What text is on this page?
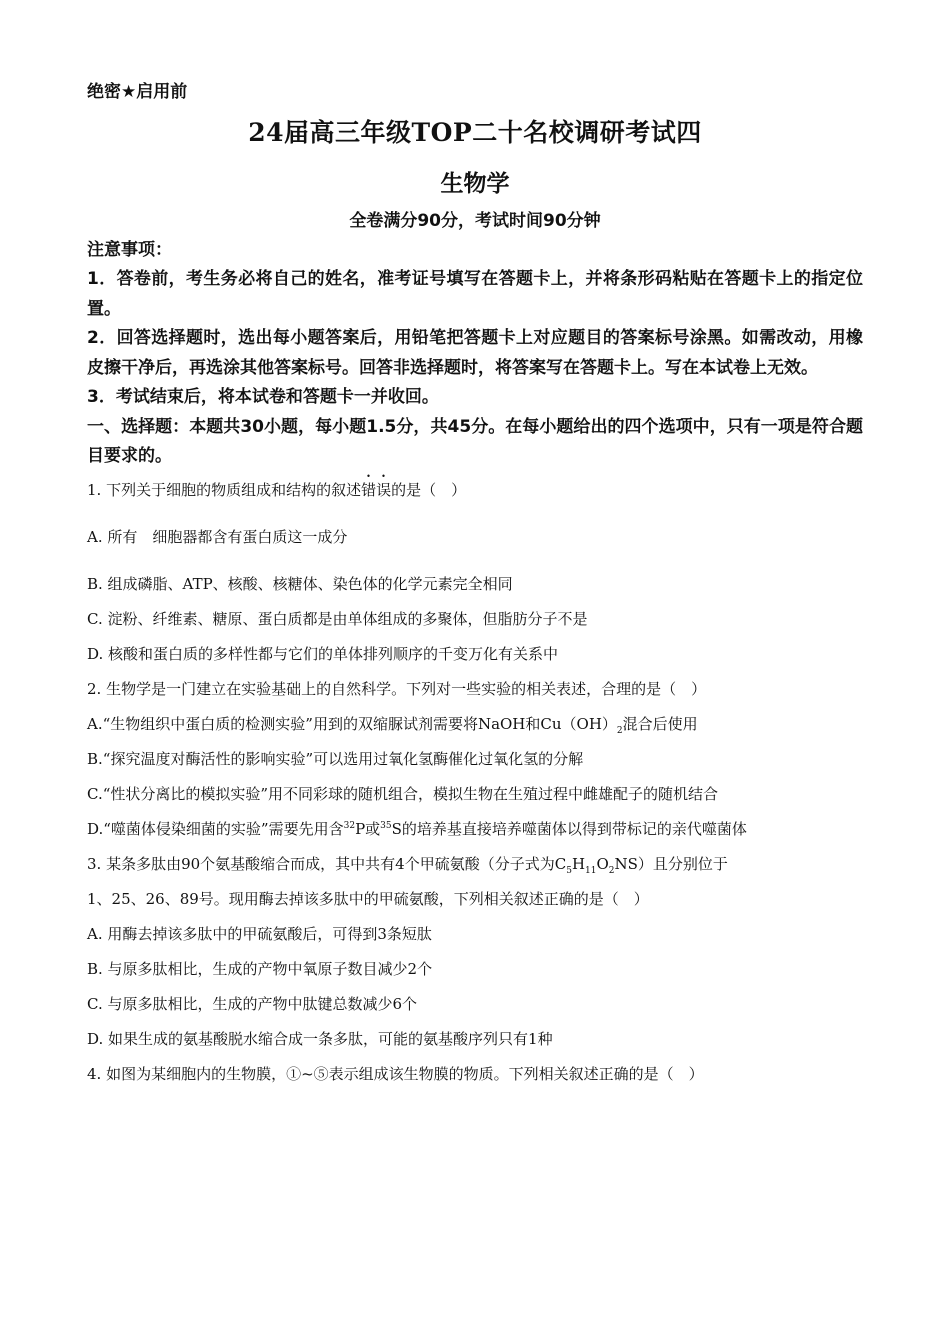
绝密★启用前
24届高三年级TOP二十名校调研考试四
生物学
全卷满分90分，考试时间90分钟
注意事项：
1．答卷前，考生务必将自己的姓名，准考证号填写在答题卡上，并将条形码粘贴在答题卡上的指定位置。
2．回答选择题时，选出每小题答案后，用铅笔把答题卡上对应题目的答案标号涂黑。如需改动，用橡皮擦干净后，再选涂其他答案标号。回答非选择题时，将答案写在答题卡上。写在本试卷上无效。
3．考试结束后，将本试卷和答题卡一并收回。
一、选择题：本题共30小题，每小题1.5分，共45分。在每小题给出的四个选项中，只有一项是符合题目要求的。
1. 下列关于细胞的物质组成和结构的叙述错误的是（　）
A. 所有　细胞器都含有蛋白质这一成分
B. 组成磷脂、ATP、核酸、核糖体、染色体的化学元素完全相同
C. 淀粉、纤维素、糖原、蛋白质都是由单体组成的多聚体，但脂肪分子不是
D. 核酸和蛋白质的多样性都与它们的单体排列顺序的千变万化有关系中
2. 生物学是一门建立在实验基础上的自然科学。下列对一些实验的相关表述，合理的是（　）
A.“生物组织中蛋白质的检测实验”用到的双缩脲试剂需要将NaOH和$Cu(OH)_2$混合后使用
B.“探究温度对酶活性的影响实验”可以选用过氧化氢酶催化过氧化氢的分解
C.“性状分离比的模拟实验”用不同彩球的随机组合，模拟生物在生殖过程中雌雄配子的随机结合
D.“噬菌体侵染细菌的实验”需要先用含$^{32}$P或$^{35}$S的培养基直接培养噬菌体以得到带标记的亲代噬菌体
3. 某条多肽由90个氨基酸缩合而成，其中共有4个甲硫氨酸（分子式为$C_5H_{11}O_2NS$）且分别位于
1、25、26、89号。现用酶去掉该多肽中的甲硫氨酸，下列相关叙述正确的是（　）
A. 用酶去掉该多肽中的甲硫氨酸后，可得到3条短肽
B. 与原多肽相比，生成的产物中氧原子数目减少2个
C. 与原多肽相比，生成的产物中肽键总数减少6个
D. 如果生成的氨基酸脱水缩合成一条多肽，可能的氨基酸序列只有1种
4. 如图为某细胞内的生物膜，①~⑤表示组成该生物膜的物质。下列相关叙述正确的是（　）
